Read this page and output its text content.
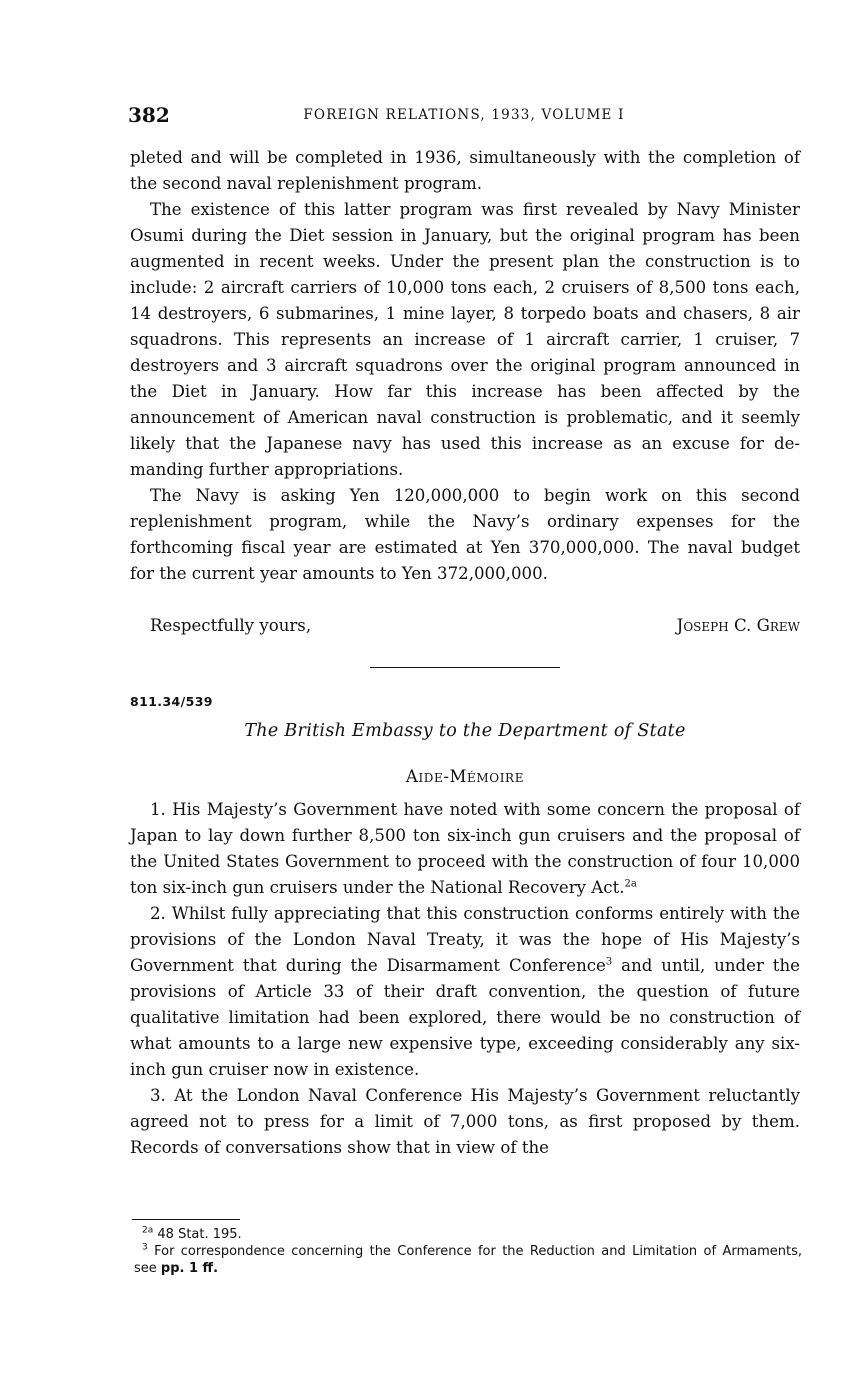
382	FOREIGN RELATIONS, 1933, VOLUME I

pleted and will be completed in 1936, simultaneously with the completion of the second naval replenishment program.

The existence of this latter program was first revealed by Navy Minister Osumi during the Diet session in January, but the original program has been augmented in recent weeks. Under the present plan the construction is to include: 2 aircraft carriers of 10,000 tons each, 2 cruisers of 8,500 tons each, 14 destroyers, 6 submarines, 1 mine layer, 8 torpedo boats and chasers, 8 air squadrons. This represents an increase of 1 aircraft carrier, 1 cruiser, 7 destroyers and 3 aircraft squadrons over the original program announced in the Diet in January. How far this increase has been affected by the announcement of American naval construction is problematic, and it seemly likely that the Japanese navy has used this increase as an excuse for demanding further appropriations.

The Navy is asking Yen 120,000,000 to begin work on this second replenishment program, while the Navy’s ordinary expenses for the forthcoming fiscal year are estimated at Yen 370,000,000. The naval budget for the current year amounts to Yen 372,000,000.

Respectfully yours,	Joseph C. Grew
811.34/539
The British Embassy to the Department of State
Aide-Mémoire

1. His Majesty’s Government have noted with some concern the proposal of Japan to lay down further 8,500 ton six-inch gun cruisers and the proposal of the United States Government to proceed with the construction of four 10,000 ton six-inch gun cruisers under the National Recovery Act.$^{2a}$

2. Whilst fully appreciating that this construction conforms entirely with the provisions of the London Naval Treaty, it was the hope of His Majesty’s Government that during the Disarmament Conference$^3$ and until, under the provisions of Article 33 of their draft convention, the question of future qualitative limitation had been explored, there would be no construction of what amounts to a large new expensive type, exceeding considerably any six-inch gun cruiser now in existence.

3. At the London Naval Conference His Majesty’s Government reluctantly agreed not to press for a limit of 7,000 tons, as first proposed by them. Records of conversations show that in view of the

$^{2a}$ 48 Stat. 195.

$^3$ For correspondence concerning the Conference for the Reduction and Limitation of Armaments, see pp. 1 ff.
